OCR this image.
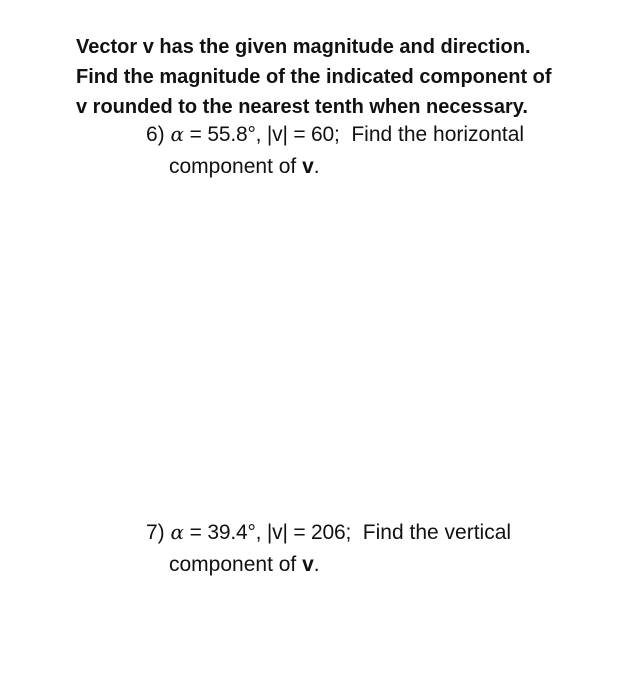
Vector v has the given magnitude and direction.
Find the magnitude of the indicated component of
v rounded to the nearest tenth when necessary.
6) α = 55.8°, |v| = 60;  Find the horizontal
component of v.
7) α = 39.4°, |v| = 206;  Find the vertical
component of v.
